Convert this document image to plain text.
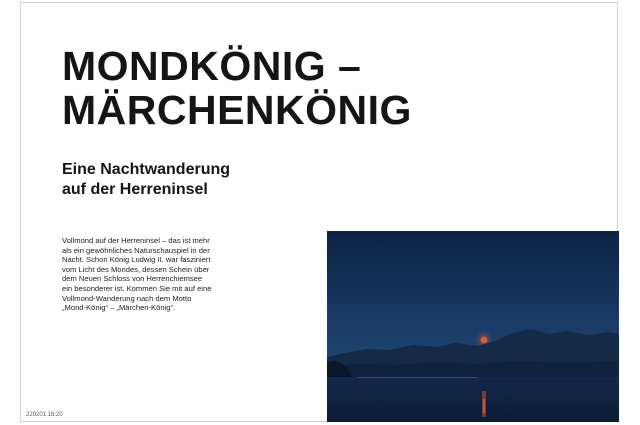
MONDKÖNIG –
MÄRCHENKÖNIG
Eine Nachtwanderung
auf der Herreninsel

Vollmond auf der Herreninsel – das ist mehr
als ein gewöhnliches Naturschauspiel in der
Nacht. Schon König Ludwig II. war fasziniert
vom Licht des Mondes, dessen Schein über
dem Neuen Schloss von Herrenchiemsee
ein besonderer ist. Kommen Sie mit auf eine
Vollmond-Wanderung nach dem Motto
„Mond-König“ – „Märchen-König“.

220201.16:20
